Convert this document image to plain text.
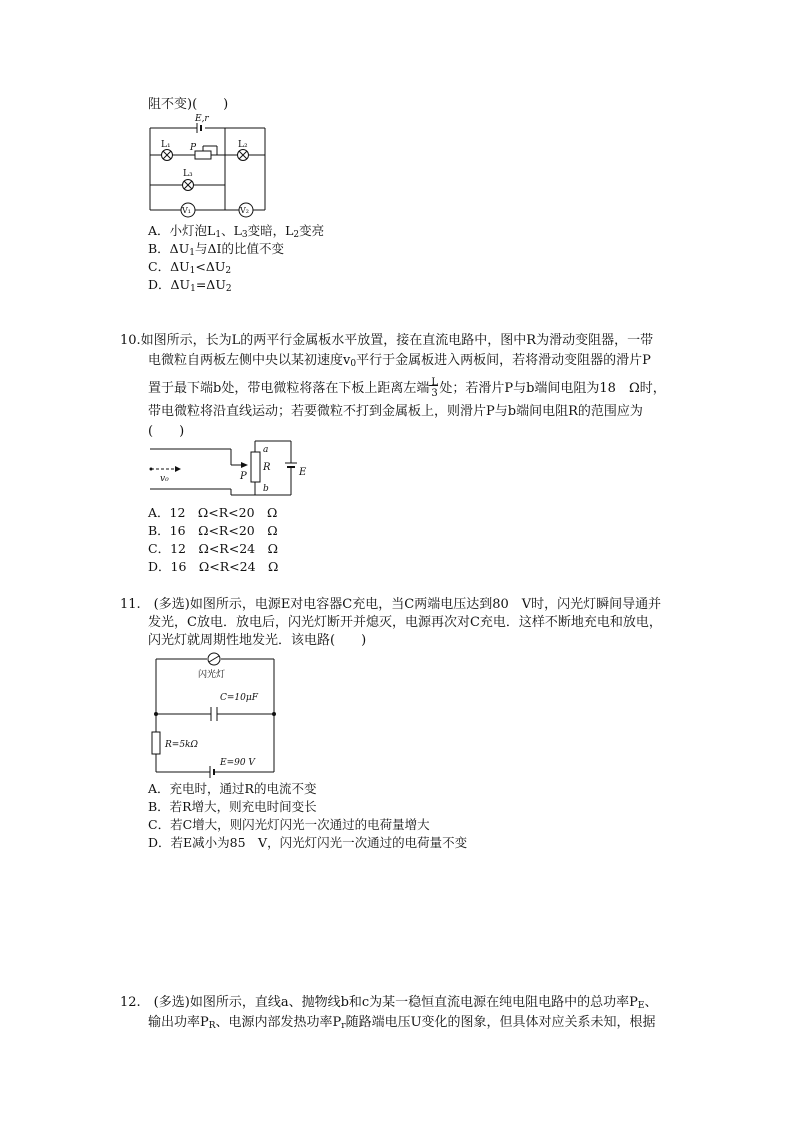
阻不变)(　　)
E,r
L₁ P	L₂
L₃
V₁	V₂
A．小灯泡$L_1$、$L_3$变暗，$L_2$变亮
B．$\Delta U_1$与ΔI的比值不变
C．$\Delta U_1<\Delta U_2$
D．$\Delta U_1=\Delta U_2$
10.如图所示，长为L的两平行金属板水平放置，接在直流电路中，图中R为滑动变阻器，一带
电微粒自两板左侧中央以某初速度$v_0$平行于金属板进入两板间，若将滑动变阻器的滑片P
置于最下端b处，带电微粒将落在下板上距离左端 L
3 处；若滑片P与b端间电阻为18　Ω时，
带电微粒将沿直线运动；若要微粒不打到金属板上，则滑片P与b端间电阻R的范围应为
(　　)
v₀	P
R
a
b
E
A．12　Ω<R<20　Ω
B．16　Ω<R<20　Ω
C．12　Ω<R<24　Ω
D．16　Ω<R<24　Ω
11.　(多选)如图所示，电源E对电容器C充电，当C两端电压达到80　V时，闪光灯瞬间导通并
发光，C放电．放电后，闪光灯断开并熄灭，电源再次对C充电．这样不断地充电和放电，
闪光灯就周期性地发光．该电路(　　)
闪光灯
C=10μF
R=5kΩ
E=90 V
A．充电时，通过R的电流不变
B．若R增大，则充电时间变长
C．若C增大，则闪光灯闪光一次通过的电荷量增大
D．若E减小为85　V，闪光灯闪光一次通过的电荷量不变
12.　(多选)如图所示，直线a、抛物线b和c为某一稳恒直流电源在纯电阻电路中的总功率$P_E$、
输出功率$P_R$、电源内部发热功率$P_r$随路端电压U变化的图象，但具体对应关系未知，根据
